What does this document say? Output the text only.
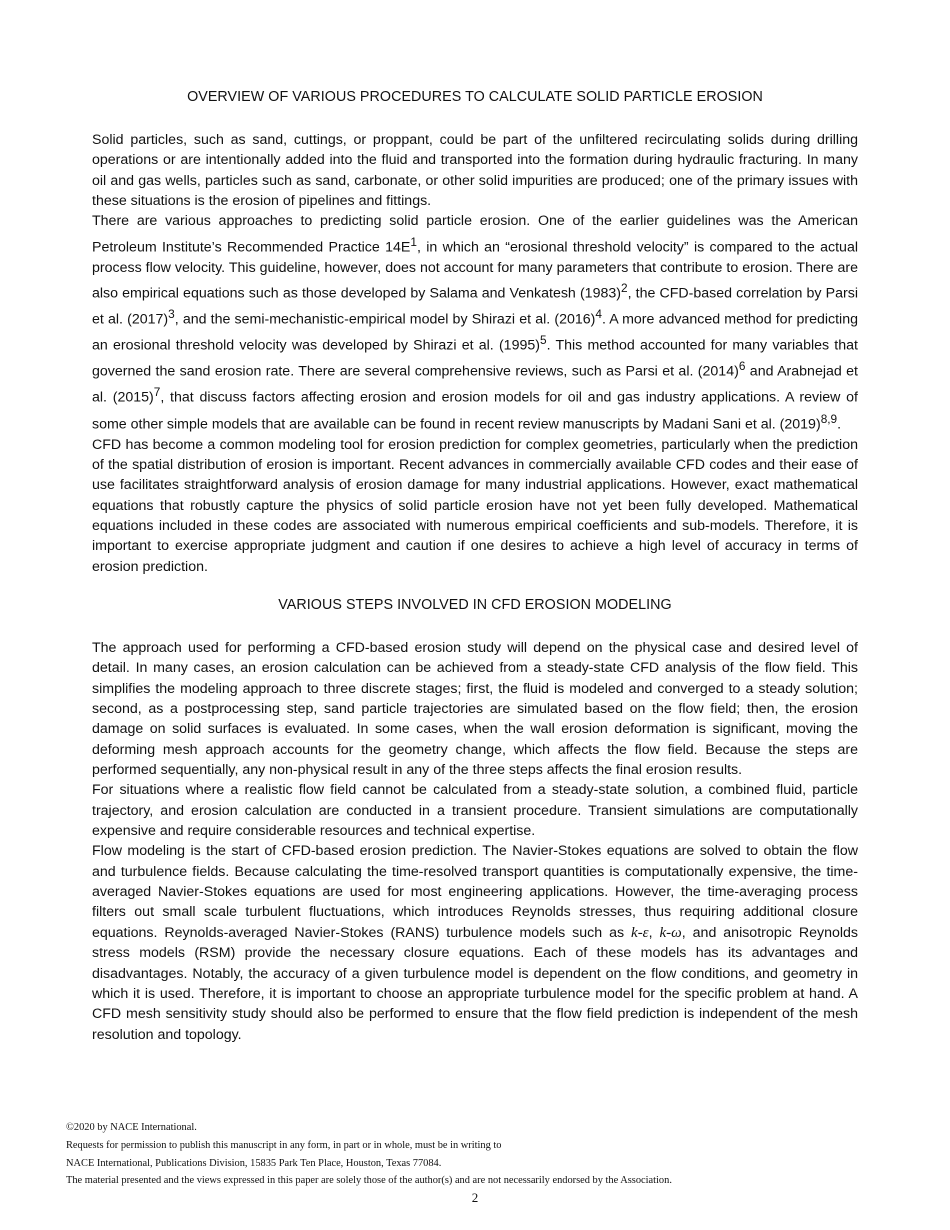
OVERVIEW OF VARIOUS PROCEDURES TO CALCULATE SOLID PARTICLE EROSION

Solid particles, such as sand, cuttings, or proppant, could be part of the unfiltered recirculating solids during drilling operations or are intentionally added into the fluid and transported into the formation during hydraulic fracturing. In many oil and gas wells, particles such as sand, carbonate, or other solid impurities are produced; one of the primary issues with these situations is the erosion of pipelines and fittings.

There are various approaches to predicting solid particle erosion. One of the earlier guidelines was the American Petroleum Institute’s Recommended Practice $14E^1$, in which an “erosional threshold velocity” is compared to the actual process flow velocity. This guideline, however, does not account for many parameters that contribute to erosion. There are also empirical equations such as those developed by Salama and Venkatesh $(1983)^2$, the CFD-based correlation by Parsi et al. $(2017)^3$, and the semi-mechanistic-empirical model by Shirazi et al. $(2016)^4$. A more advanced method for predicting an erosional threshold velocity was developed by Shirazi et al. $(1995)^5$. This method accounted for many variables that governed the sand erosion rate. There are several comprehensive reviews, such as Parsi et al. $(2014)^6$ and Arabnejad et al. $(2015)^7$, that discuss factors affecting erosion and erosion models for oil and gas industry applications. A review of some other simple models that are available can be found in recent review manuscripts by Madani Sani et al. $(2019)^{8,9}$.

CFD has become a common modeling tool for erosion prediction for complex geometries, particularly when the prediction of the spatial distribution of erosion is important. Recent advances in commercially available CFD codes and their ease of use facilitates straightforward analysis of erosion damage for many industrial applications. However, exact mathematical equations that robustly capture the physics of solid particle erosion have not yet been fully developed. Mathematical equations included in these codes are associated with numerous empirical coefficients and sub-models. Therefore, it is important to exercise appropriate judgment and caution if one desires to achieve a high level of accuracy in terms of erosion prediction.

VARIOUS STEPS INVOLVED IN CFD EROSION MODELING

The approach used for performing a CFD-based erosion study will depend on the physical case and desired level of detail. In many cases, an erosion calculation can be achieved from a steady-state CFD analysis of the flow field. This simplifies the modeling approach to three discrete stages; first, the fluid is modeled and converged to a steady solution; second, as a postprocessing step, sand particle trajectories are simulated based on the flow field; then, the erosion damage on solid surfaces is evaluated. In some cases, when the wall erosion deformation is significant, moving the deforming mesh approach accounts for the geometry change, which affects the flow field. Because the steps are performed sequentially, any non-physical result in any of the three steps affects the final erosion results.

For situations where a realistic flow field cannot be calculated from a steady-state solution, a combined fluid, particle trajectory, and erosion calculation are conducted in a transient procedure. Transient simulations are computationally expensive and require considerable resources and technical expertise.

Flow modeling is the start of CFD-based erosion prediction. The Navier-Stokes equations are solved to obtain the flow and turbulence fields. Because calculating the time-resolved transport quantities is computationally expensive, the time-averaged Navier-Stokes equations are used for most engineering applications. However, the time-averaging process filters out small scale turbulent fluctuations, which introduces Reynolds stresses, thus requiring additional closure equations. Reynolds-averaged Navier-Stokes (RANS) turbulence models such as k-ε, k-ω, and anisotropic Reynolds stress models (RSM) provide the necessary closure equations. Each of these models has its advantages and disadvantages. Notably, the accuracy of a given turbulence model is dependent on the flow conditions, and geometry in which it is used. Therefore, it is important to choose an appropriate turbulence model for the specific problem at hand. A CFD mesh sensitivity study should also be performed to ensure that the flow field prediction is independent of the mesh resolution and topology.

©2020 by NACE International.
Requests for permission to publish this manuscript in any form, in part or in whole, must be in writing to
NACE International, Publications Division, 15835 Park Ten Place, Houston, Texas 77084.
The material presented and the views expressed in this paper are solely those of the author(s) and are not necessarily endorsed by the Association.
2
